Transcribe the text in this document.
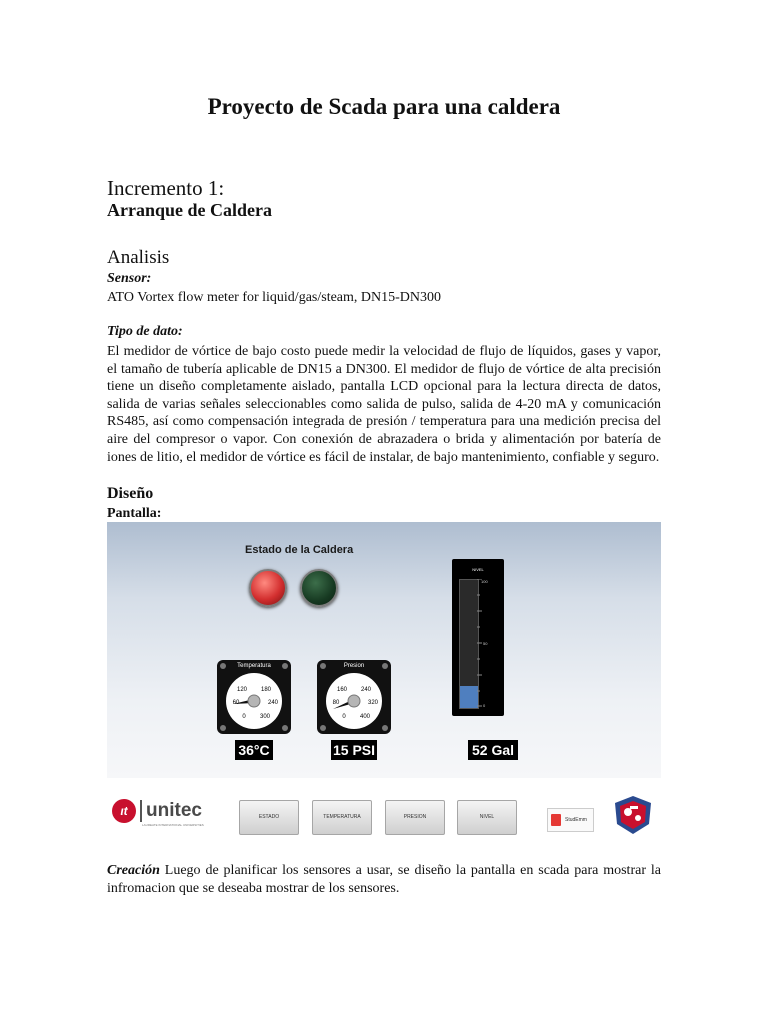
Proyecto de Scada para una caldera
Incremento 1:
Arranque de Caldera
Analisis
Sensor:
ATO Vortex flow meter for liquid/gas/steam, DN15-DN300
Tipo de dato:
El medidor de vórtice de bajo costo puede medir la velocidad de flujo de líquidos, gases y vapor, el tamaño de tubería aplicable de DN15 a DN300. El medidor de flujo de vórtice de alta precisión tiene un diseño completamente aislado, pantalla LCD opcional para la lectura directa de datos, salida de varias señales seleccionables como salida de pulso, salida de 4-20 mA y comunicación RS485, así como compensación integrada de presión / temperatura para una medición precisa del aire del compresor o vapor. Con conexión de abrazadera o brida y alimentación por batería de iones de litio, el medidor de vórtice es fácil de instalar, de bajo mantenimiento, confiable y seguro.
Diseño
Pantalla:
Estado de la Caldera
Temperatura
120 180
60	240
0 300
36°C
Presion
160 240
80	320
0 400
15 PSI
NIVEL
100
50
0
52 Gal
ιt unitec
LAUREATE INTERNATIONAL UNIVERSITIES
ESTADO	TEMPERATURA	PRESION	NIVEL	StudEmm
Creación Luego de planificar los sensores a usar, se diseño la pantalla en scada para mostrar la infromacion que se deseaba mostrar de los sensores.
